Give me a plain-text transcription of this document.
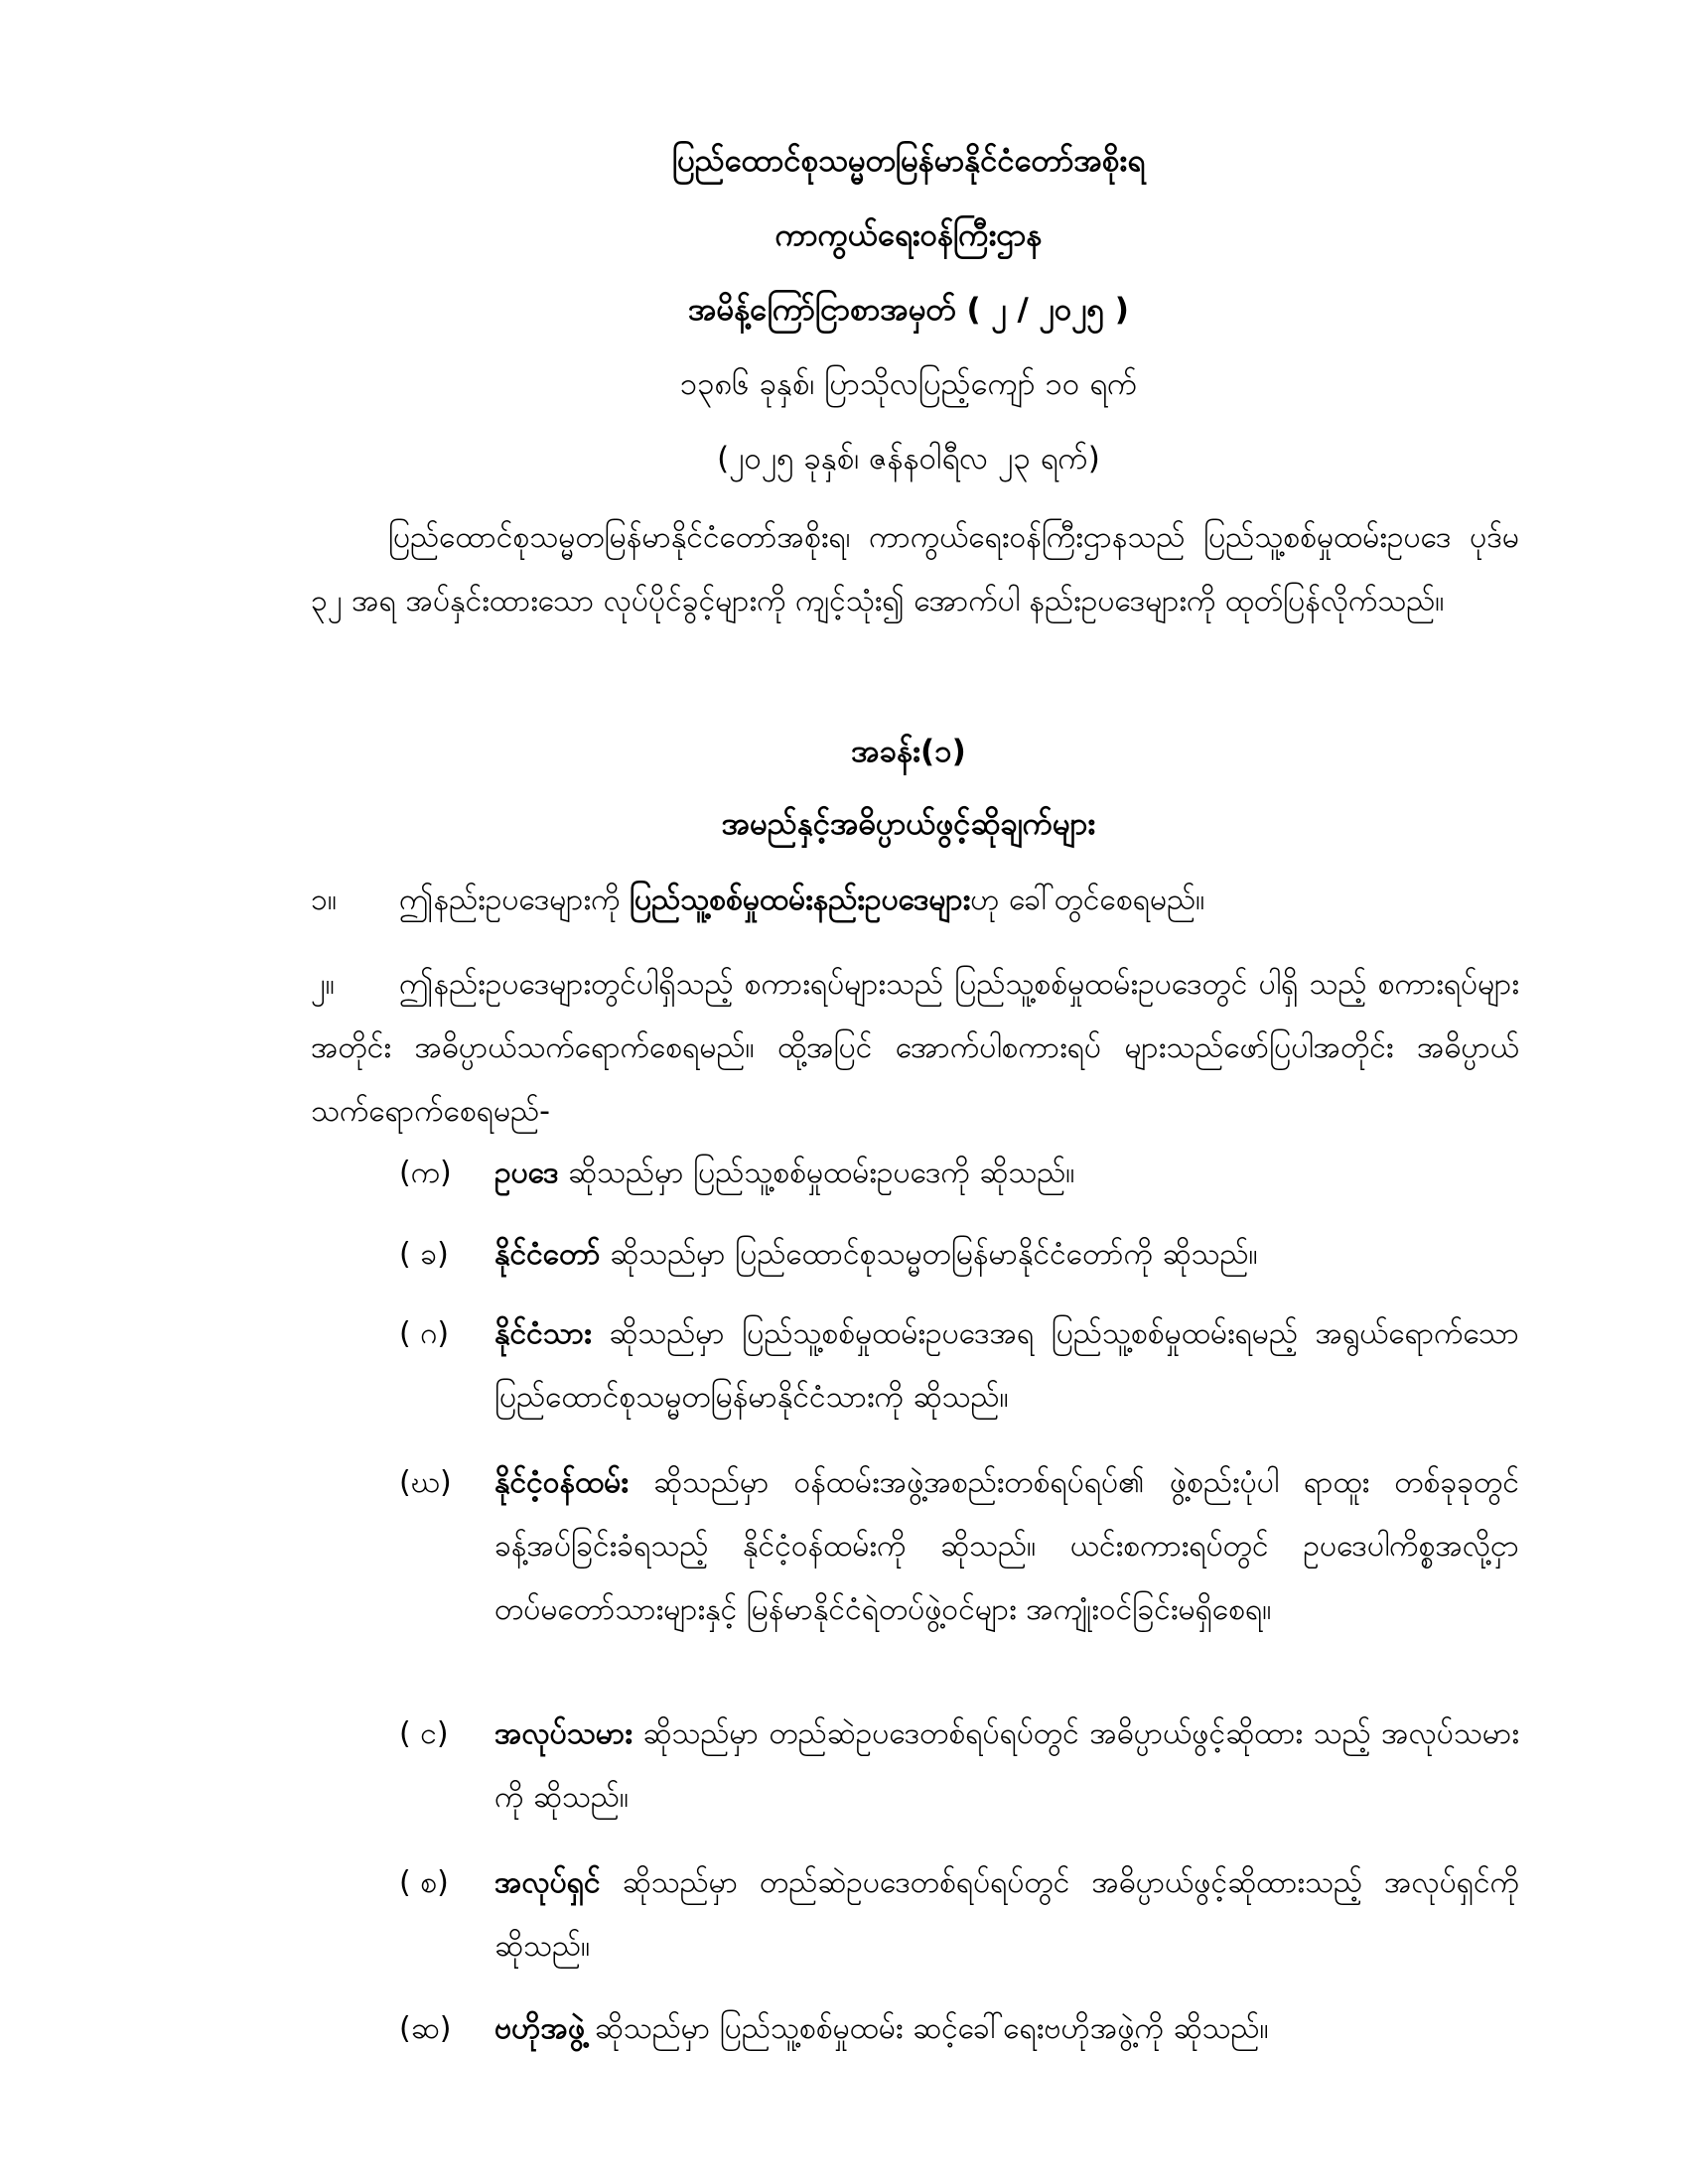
ပြည်ထောင်စုသမ္မတမြန်မာနိုင်ငံတော်အစိုးရ
ကာကွယ်ရေးဝန်ကြီးဌာန
အမိန့်ကြော်ငြာစာအမှတ် ( ၂ / ၂၀၂၅ )
၁၃၈၆ ခုနှစ်၊ ပြာသိုလပြည့်ကျော် ၁၀ ရက်
(၂၀၂၅ ခုနှစ်၊ ဇန်နဝါရီလ ၂၃ ရက်)
ပြည်ထောင်စုသမ္မတမြန်မာနိုင်ငံတော်အစိုးရ၊ ကာကွယ်ရေးဝန်ကြီးဌာနသည် ပြည်သူ့စစ်မှုထမ်းဥပဒေ ပုဒ်မ ၃၂ အရ အပ်နှင်းထားသော လုပ်ပိုင်ခွင့်များကို ကျင့်သုံး၍ အောက်ပါ နည်းဥပဒေများကို ထုတ်ပြန်လိုက်သည်။
အခန်း(၁)
အမည်နှင့်အဓိပ္ပာယ်ဖွင့်ဆိုချက်များ
၁။ ဤနည်းဥပဒေများကို ပြည်သူ့စစ်မှုထမ်းနည်းဥပဒေများဟု ခေါ်တွင်စေရမည်။
၂။	ဤနည်းဥပဒေများတွင်ပါရှိသည့် စကားရပ်များသည် ပြည်သူ့စစ်မှုထမ်းဥပဒေတွင် ပါရှိ သည့် စကားရပ်များအတိုင်း အဓိပ္ပာယ်သက်ရောက်စေရမည်။ ထို့အပြင် အောက်ပါစကားရပ် များသည်ဖော်ပြပါအတိုင်း အဓိပ္ပာယ် သက်ရောက်စေရမည်-
(က)	ဥပဒေ ဆိုသည်မှာ ပြည်သူ့စစ်မှုထမ်းဥပဒေကို ဆိုသည်။
( ခ)	နိုင်ငံတော် ဆိုသည်မှာ ပြည်ထောင်စုသမ္မတမြန်မာနိုင်ငံတော်ကို ဆိုသည်။
( ဂ)	နိုင်ငံသား ဆိုသည်မှာ ပြည်သူ့စစ်မှုထမ်းဥပဒေအရ ပြည်သူ့စစ်မှုထမ်းရမည့် အရွယ်ရောက်သော ပြည်ထောင်စုသမ္မတမြန်မာနိုင်ငံသားကို ဆိုသည်။
(ဃ)	နိုင်ငံ့ဝန်ထမ်း ဆိုသည်မှာ ဝန်ထမ်းအဖွဲ့အစည်းတစ်ရပ်ရပ်၏ ဖွဲ့စည်းပုံပါ ရာထူး တစ်ခုခုတွင် ခန့်အပ်ခြင်းခံရသည့် နိုင်ငံ့ဝန်ထမ်းကို ဆိုသည်။ ယင်းစကားရပ်တွင် ဥပဒေပါကိစ္စအလို့ငှာ တပ်မတော်သားများနှင့် မြန်မာနိုင်ငံရဲတပ်ဖွဲ့ဝင်များ အကျုံးဝင်ခြင်းမရှိစေရ။
( င)	အလုပ်သမား ဆိုသည်မှာ တည်ဆဲဥပဒေတစ်ရပ်ရပ်တွင် အဓိပ္ပာယ်ဖွင့်ဆိုထား သည့် အလုပ်သမားကို ဆိုသည်။
( စ)	အလုပ်ရှင် ဆိုသည်မှာ တည်ဆဲဥပဒေတစ်ရပ်ရပ်တွင် အဓိပ္ပာယ်ဖွင့်ဆိုထားသည့် အလုပ်ရှင်ကို ဆိုသည်။
(ဆ)	ဗဟိုအဖွဲ့ ဆိုသည်မှာ ပြည်သူ့စစ်မှုထမ်း ဆင့်ခေါ်ရေးဗဟိုအဖွဲ့ကို ဆိုသည်။
